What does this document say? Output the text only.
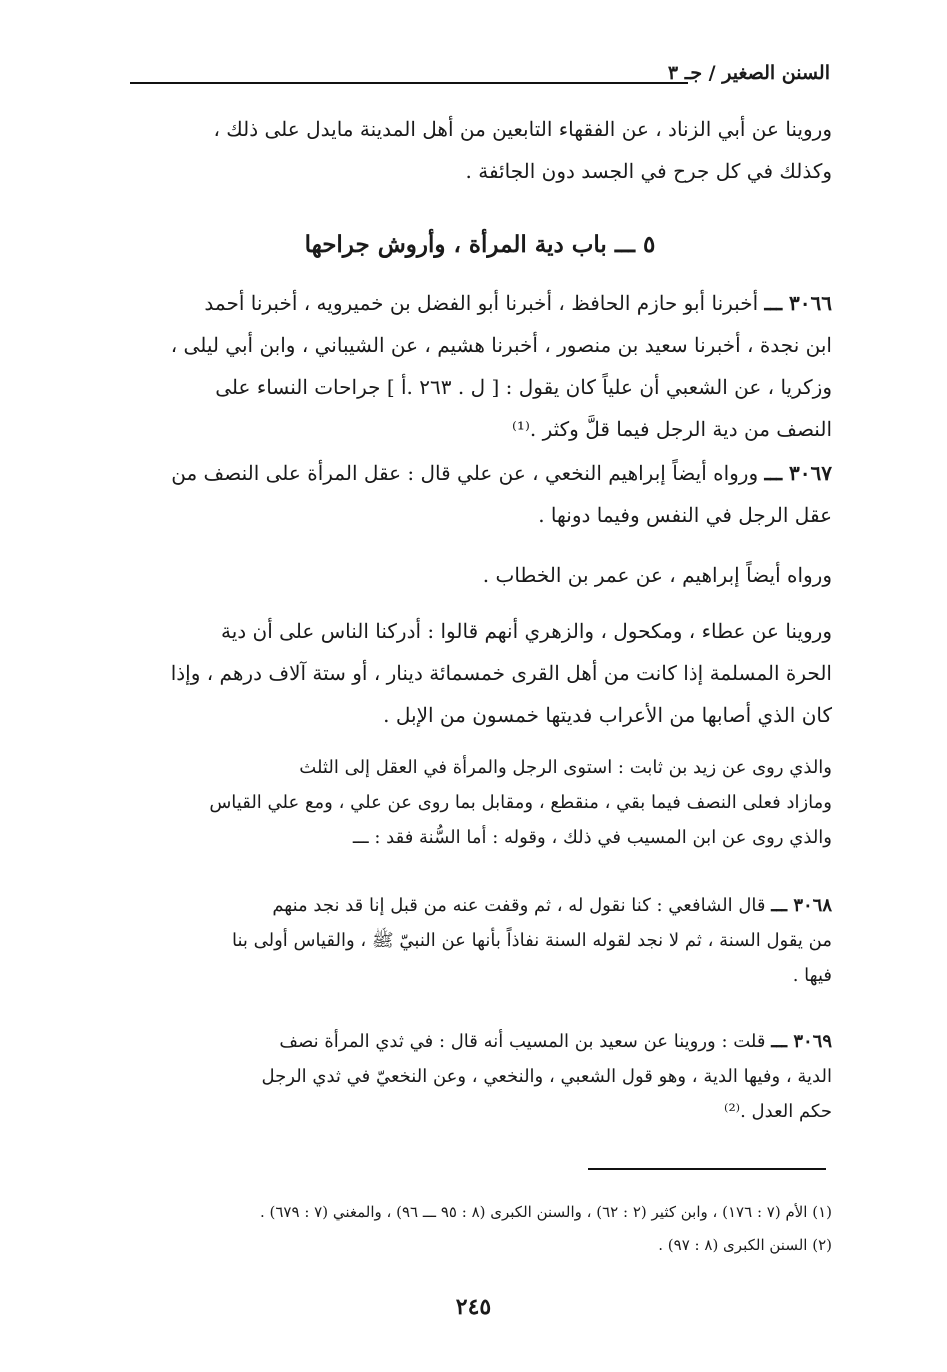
السنن الصغير / جـ ٣
وروينا عن أبي الزناد ، عن الفقهاء التابعين من أهل المدينة مايدل على ذلك ،
وكذلك في كل جرح في الجسد دون الجائفة .
٥ ـــ باب دية المرأة ، وأروش جراحها
٣٠٦٦ ـــ أخبرنا أبو حازم الحافظ ، أخبرنا أبو الفضل بن خميرويه ، أخبرنا أحمد
ابن نجدة ، أخبرنا سعيد بن منصور ، أخبرنا هشيم ، عن الشيباني ، وابن أبي ليلى ،
وزكريا ، عن الشعبي أن علياً كان يقول : [ ل . ٢٦٣ .أ ] جراحات النساء على
النصف من دية الرجل فيما قلَّ وكثر .⁽¹⁾
٣٠٦٧ ـــ ورواه أيضاً إبراهيم النخعي ، عن علي قال : عقل المرأة على النصف من
عقل الرجل في النفس وفيما دونها .
ورواه أيضاً إبراهيم ، عن عمر بن الخطاب .
وروينا عن عطاء ، ومكحول ، والزهري أنهم قالوا : أدركنا الناس على أن دية
الحرة المسلمة إذا كانت من أهل القرى خمسمائة دينار ، أو ستة آلاف درهم ، وإذا
كان الذي أصابها من الأعراب فديتها خمسون من الإبل .
والذي روى عن زيد بن ثابت : استوى الرجل والمرأة في العقل إلى الثلث
ومازاد فعلى النصف فيما بقي ، منقطع ، ومقابل بما روى عن علي ، ومع علي القياس
والذي روى عن ابن المسيب في ذلك ، وقوله : أما السُّنة فقد : ـــ
٣٠٦٨ ـــ قال الشافعي : كنا نقول له ، ثم وقفت عنه من قبل إنا قد نجد منهم
من يقول السنة ، ثم لا نجد لقوله السنة نفاذاً بأنها عن النبيّ ﷺ ، والقياس أولى بنا
فيها .
٣٠٦٩ ـــ قلت : وروينا عن سعيد بن المسيب أنه قال : في ثدي المرأة نصف
الدية ، وفيها الدية ، وهو قول الشعبي ، والنخعي ، وعن النخعيّ في ثدي الرجل
حكم العدل .⁽²⁾
(١) الأم (٧ : ١٧٦) ، وابن كثير (٢ : ٦٢) ، والسنن الكبرى (٨ : ٩٥ ـــ ٩٦) ، والمغني (٧ : ٦٧٩) .
(٢) السنن الكبرى (٨ : ٩٧) .
٢٤٥
